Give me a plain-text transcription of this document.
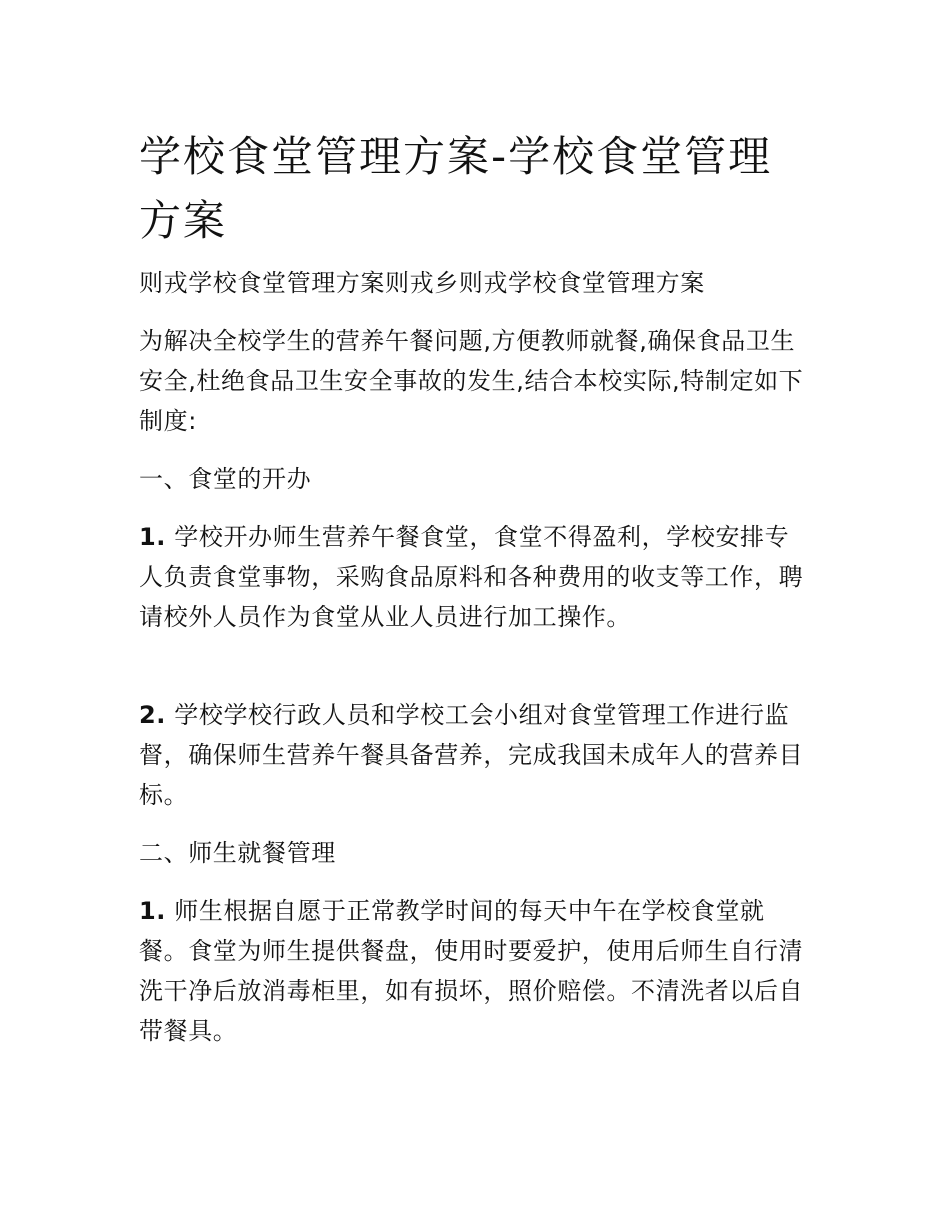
学校食堂管理方案-学校食堂管理方案

则戎学校食堂管理方案则戎乡则戎学校食堂管理方案

为解决全校学生的营养午餐问题,方便教师就餐,确保食品卫生安全,杜绝食品卫生安全事故的发生,结合本校实际,特制定如下制度:

一、食堂的开办

1. 学校开办师生营养午餐食堂，食堂不得盈利，学校安排专人负责食堂事物，采购食品原料和各种费用的收支等工作，聘请校外人员作为食堂从业人员进行加工操作。

2. 学校学校行政人员和学校工会小组对食堂管理工作进行监督，确保师生营养午餐具备营养，完成我国未成年人的营养目标。

二、师生就餐管理

1. 师生根据自愿于正常教学时间的每天中午在学校食堂就餐。食堂为师生提供餐盘，使用时要爱护，使用后师生自行清洗干净后放消毒柜里，如有损坏，照价赔偿。不清洗者以后自带餐具。
